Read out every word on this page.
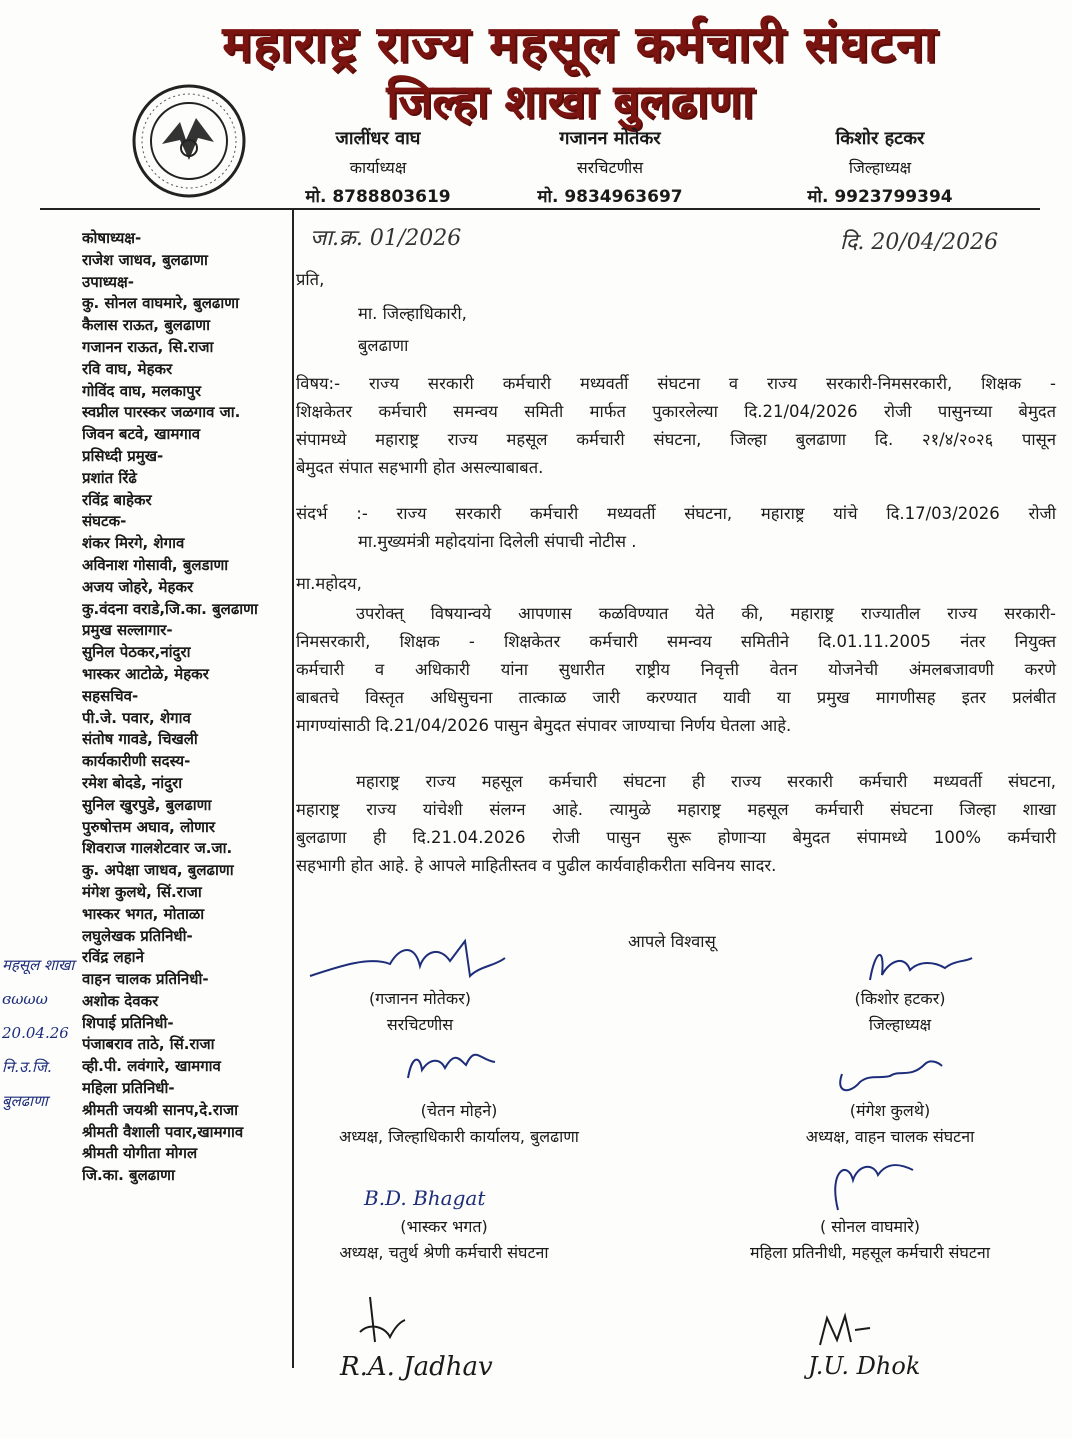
महाराष्ट्र राज्य महसूल कर्मचारी संघटना
जिल्हा शाखा बुलढाणा
जालींधर वाघ
कार्याध्यक्ष
मो. 8788803619
गजानन मोतेकर
सरचिटणीस
मो. 9834963697
किशोर हटकर
जिल्हाध्यक्ष
मो. 9923799394
कोषाध्यक्ष-
राजेश जाधव, बुलढाणा
उपाध्यक्ष-
कु. सोनल वाघमारे, बुलढाणा
कैलास राऊत, बुलढाणा
गजानन राऊत, सि.राजा
रवि वाघ, मेहकर
गोविंद वाघ, मलकापुर
स्वप्नील पारस्कर जळगाव जा.
जिवन बटवे, खामगाव
प्रसिध्दी प्रमुख-
प्रशांत रिंढे
रविंद्र बाहेकर
संघटक-
शंकर मिरगे, शेगाव
अविनाश गोसावी, बुलडाणा
अजय जोहरे, मेहकर
कु.वंदना वराडे,जि.का. बुलढाणा
प्रमुख सल्लागार-
सुनिल पेठकर,नांदुरा
भास्कर आटोळे, मेहकर
सहसचिव-
पी.जे. पवार, शेगाव
संतोष गावडे, चिखली
कार्यकारीणी सदस्य-
रमेश बोदडे, नांदुरा
सुनिल खुरपुडे, बुलढाणा
पुरुषोत्तम अघाव, लोणार
शिवराज गालशेटवार ज.जा.
कु. अपेक्षा जाधव, बुलढाणा
मंगेश कुलथे, सिं.राजा
भास्कर भगत, मोताळा
लघुलेखक प्रतिनिधी-
रविंद्र लहाने
वाहन चालक प्रतिनिधी-
अशोक देवकर
शिपाई प्रतिनिधी-
पंजाबराव ताठे, सिं.राजा
व्ही.पी. लवंगारे, खामगाव
महिला प्रतिनिधी-
श्रीमती जयश्री सानप,दे.राजा
श्रीमती वैशाली पवार,खामगाव
श्रीमती योगीता मोगल
जि.का. बुलढाणा
महसूल शाखा
ɞωωω
20.04.26
नि.उ.जि.
बुलढाणा
जा.क्र. 01/2026	दि. 20/04/2026
प्रति,
मा. जिल्हाधिकारी,
बुलढाणा
विषय:- राज्य सरकारी कर्मचारी मध्यवर्ती संघटना व राज्य सरकारी-निमसरकारी, शिक्षक -
शिक्षकेतर कर्मचारी समन्वय समिती मार्फत पुकारलेल्या दि.21/04/2026 रोजी पासुनच्या बेमुदत
संपामध्ये महाराष्ट्र राज्य महसूल कर्मचारी संघटना, जिल्हा बुलढाणा दि. २१/४/२०२६ पासून
बेमुदत संपात सहभागी होत असल्याबाबत.
संदर्भ :- राज्य सरकारी कर्मचारी मध्यवर्ती संघटना, महाराष्ट्र यांचे दि.17/03/2026 रोजी
मा.मुख्यमंत्री महोदयांना दिलेली संपाची नोटीस .
मा.महोदय,
उपरोक्त् विषयान्वये आपणास कळविण्यात येते की, महाराष्ट्र राज्यातील राज्य सरकारी-
निमसरकारी, शिक्षक - शिक्षकेतर कर्मचारी समन्वय समितीने दि.01.11.2005 नंतर नियुक्त
कर्मचारी व अधिकारी यांना सुधारीत राष्ट्रीय निवृत्ती वेतन योजनेची अंमलबजावणी करणे
बाबतचे विस्तृत अधिसुचना तात्काळ जारी करण्यात यावी या प्रमुख मागणीसह इतर प्रलंबीत
मागण्यांसाठी दि.21/04/2026 पासुन बेमुदत संपावर जाण्याचा निर्णय घेतला आहे.
महाराष्ट्र राज्य महसूल कर्मचारी संघटना ही राज्य सरकारी कर्मचारी मध्यवर्ती संघटना,
महाराष्ट्र राज्य यांचेशी संलग्न आहे. त्यामुळे महाराष्ट्र महसूल कर्मचारी संघटना जिल्हा शाखा
बुलढाणा ही दि.21.04.2026 रोजी पासुन सुरू होणाऱ्या बेमुदत संपामध्ये 100% कर्मचारी
सहभागी होत आहे. हे आपले माहितीस्तव व पुढील कार्यवाहीकरीता सविनय सादर.
आपले विश्वासू
B.D. Bhagat
(गजानन मोतेकर)
सरचिटणीस
(किशोर हटकर)
जिल्हाध्यक्ष
(चेतन मोहने)
अध्यक्ष, जिल्हाधिकारी कार्यालय, बुलढाणा
(मंगेश कुलथे)
अध्यक्ष, वाहन चालक संघटना
(भास्कर भगत)
अध्यक्ष, चतुर्थ श्रेणी कर्मचारी संघटना
( सोनल वाघमारे)
महिला प्रतिनीधी, महसूल कर्मचारी संघटना
R.A. Jadhav	J.U. Dhok
